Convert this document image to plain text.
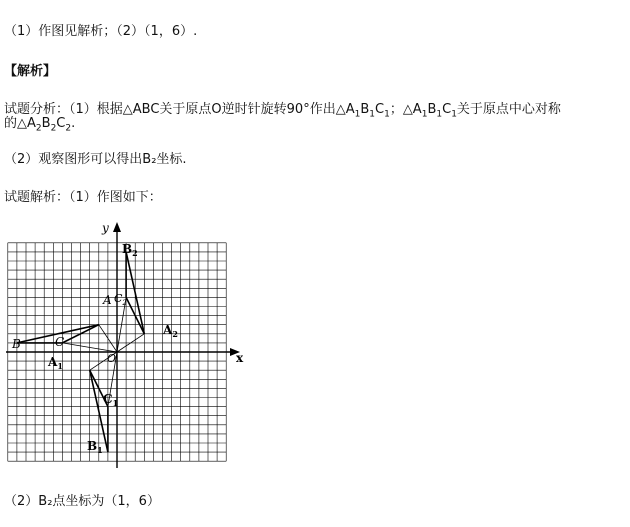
（1）作图见解析；（2）（1，6）.
【解析】
试题分析：（1）根据△ABC关于原点O逆时针旋转90°作出$\triangle A_1B_1C_1$；$\triangle A_1B_1C_1$关于原点中心对称
的$\triangle A_2B_2C_2$.
（2）观察图形可以得出B₂坐标.
试题解析：（1）作图如下：
x
y
A
B	C
O
$A_1$
$B_1$
$C_1$
$A_2$
$B_2$
$C_2$
（2）B₂点坐标为（1，6）
